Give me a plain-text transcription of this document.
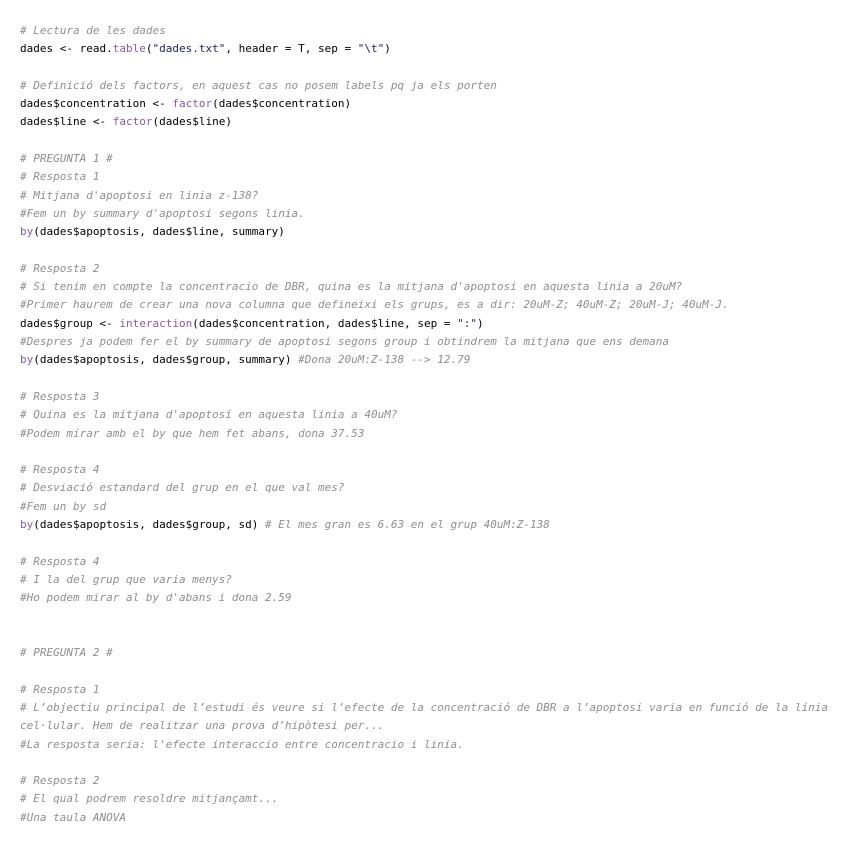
# Lectura de les dades
dades <- read.table("dades.txt", header = T, sep = "\t")
# Definició dels factors, en aquest cas no posem labels pq ja els porten
dades$concentration <- factor(dades$concentration)
dades$line <- factor(dades$line)
# PREGUNTA 1 #
# Resposta 1
# Mitjana d'apoptosi en linia z-138?
#Fem un by summary d'apoptosi segons linia.
by(dades$apoptosis, dades$line, summary)
# Resposta 2
# Si tenim en compte la concentracio de DBR, quina es la mitjana d'apoptosi en aquesta linia a 20uM?
#Primer haurem de crear una nova columna que defineixi els grups, es a dir: 20uM-Z; 40uM-Z; 20uM-J; 40uM-J.
dades$group <- interaction(dades$concentration, dades$line, sep = ":")
#Despres ja podem fer el by summary de apoptosi segons group i obtindrem la mitjana que ens demana
by(dades$apoptosis, dades$group, summary) #Dona 20uM:Z-138 --> 12.79
# Resposta 3
# Quina es la mitjana d'apoptosi en aquesta linia a 40uM?
#Podem mirar amb el by que hem fet abans, dona 37.53
# Resposta 4
# Desviació estandard del grup en el que val mes?
#Fem un by sd
by(dades$apoptosis, dades$group, sd) # El mes gran es 6.63 en el grup 40uM:Z-138
# Resposta 4
# I la del grup que varia menys?
#Ho podem mirar al by d'abans i dona 2.59
# PREGUNTA 2 #
# Resposta 1
# L’objectiu principal de l’estudi és veure si l’efecte de la concentració de DBR a l’apoptosi varia en funció de la línia cel·lular. Hem de realitzar una prova d’hipòtesi per...
#La resposta seria: l'efecte interaccio entre concentracio i linia.
# Resposta 2
# El qual podrem resoldre mitjançamt...
#Una taula ANOVA
